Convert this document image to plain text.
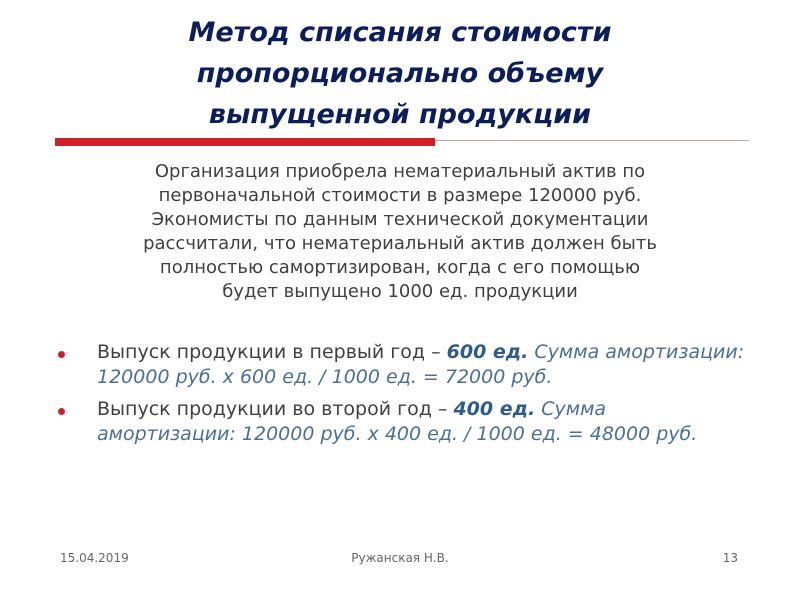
Метод списания стоимости
пропорционально объему
выпущенной продукции
Организация приобрела нематериальный актив по
первоначальной стоимости в размере 120000 руб.
Экономисты по данным технической документации
рассчитали, что нематериальный актив должен быть
полностью самортизирован, когда с его помощью
будет выпущено 1000 ед. продукции
Выпуск продукции в первый год – 600 ед. Сумма амортизации: 120000 руб. х 600 ед. / 1000 ед. = 72000 руб.
Выпуск продукции во второй год – 400 ед. Сумма амортизации: 120000 руб. х 400 ед. / 1000 ед. = 48000 руб.
15.04.2019	Ружанская Н.В.	13
